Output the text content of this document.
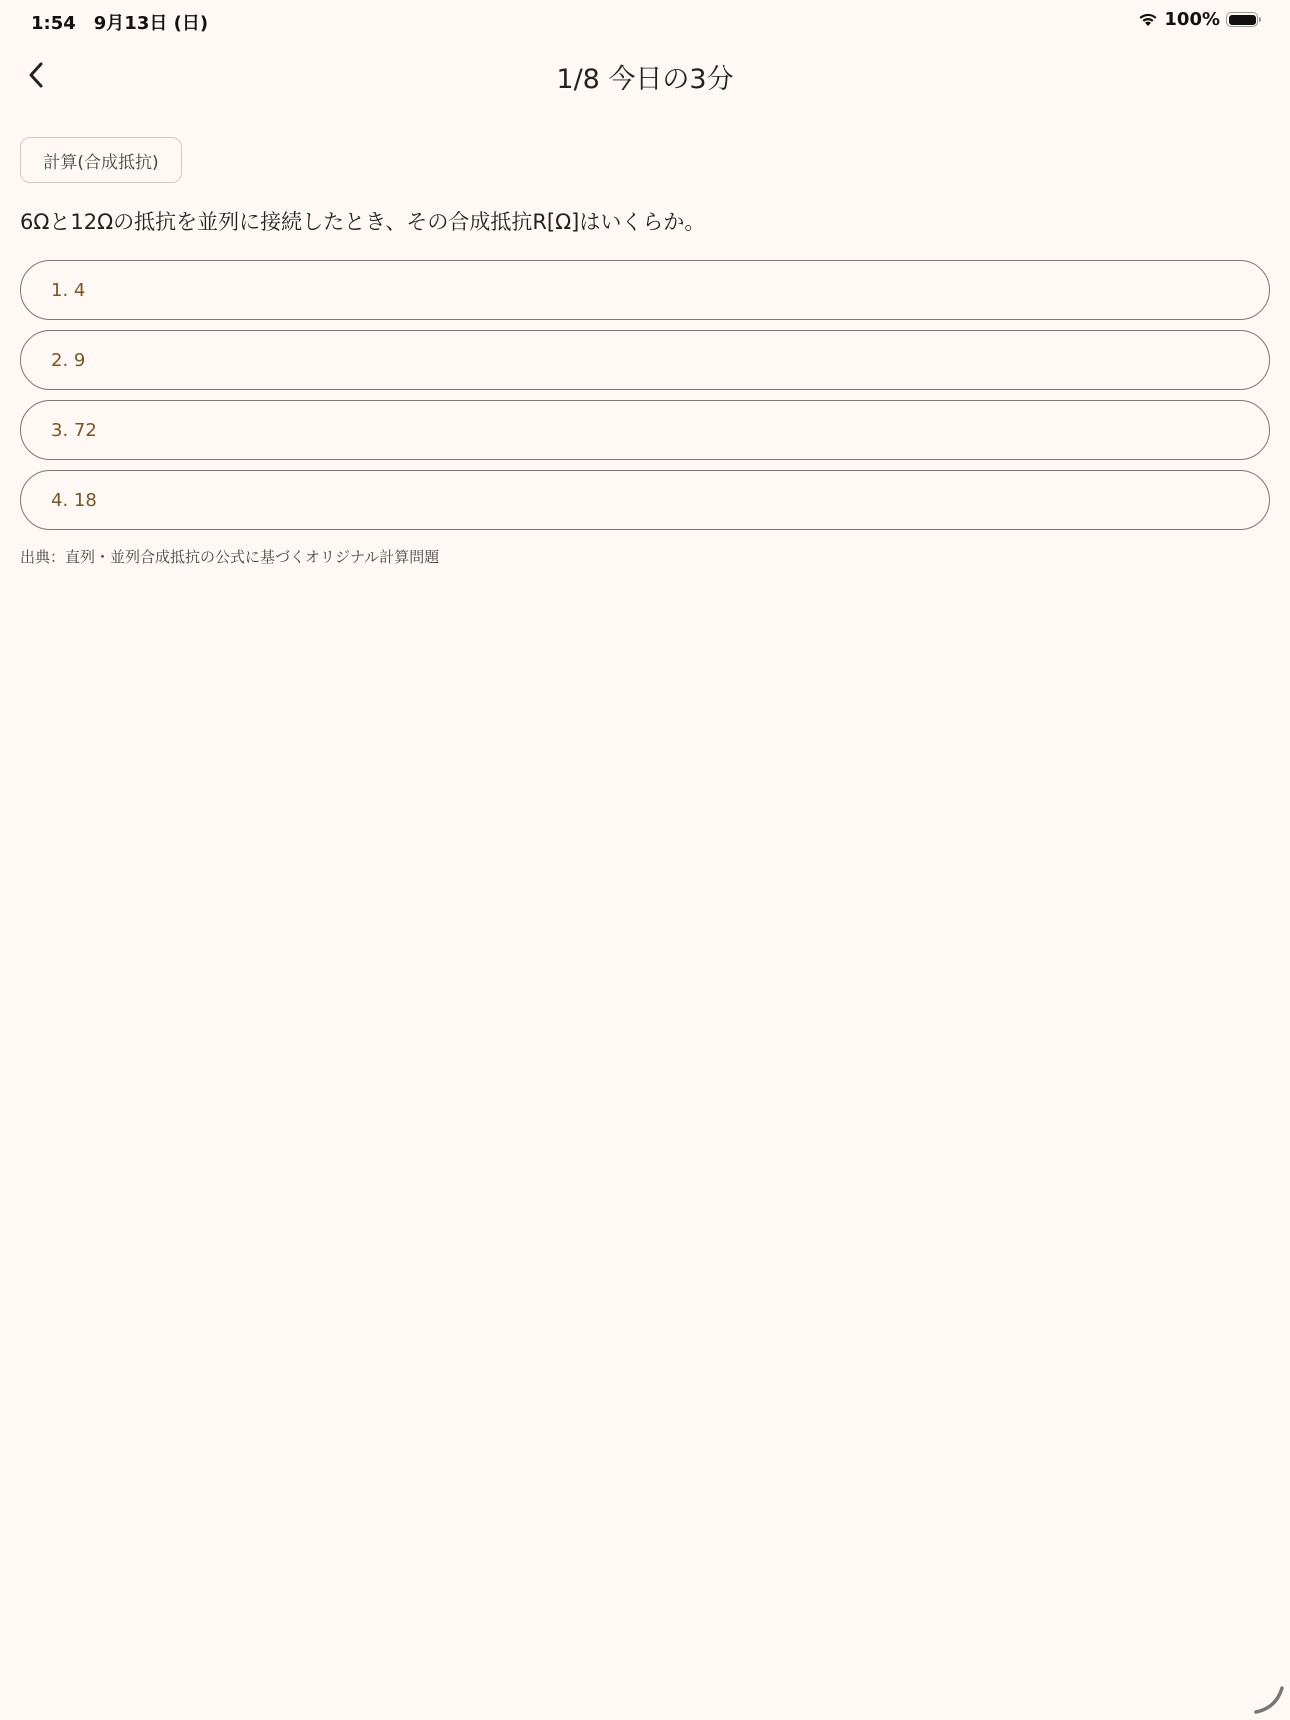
1:54　9月13日 (日)	100%
1/8 今日の3分
計算(合成抵抗)
6Ωと12Ωの抵抗を並列に接続したとき、その合成抵抗R[Ω]はいくらか。
1. 4
2. 9
3. 72
4. 18
出典：直列・並列合成抵抗の公式に基づくオリジナル計算問題
